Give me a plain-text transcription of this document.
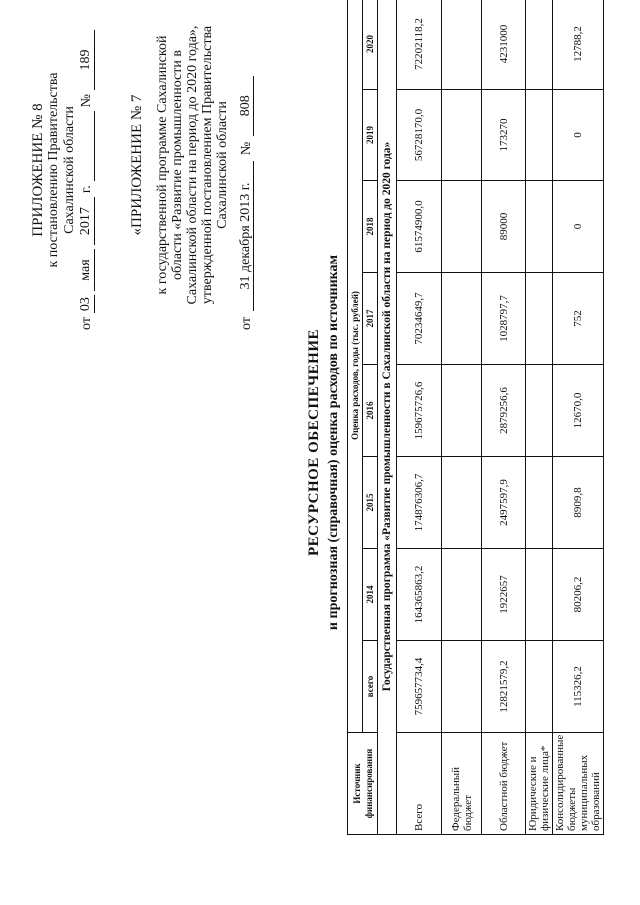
ПРИЛОЖЕНИЕ № 8 к постановлению Правительства Сахалинской области
от
03
мая
2017
г.
№
189
«ПРИЛОЖЕНИЕ № 7 к государственной программе Сахалинской области «Развитие промышленности в Сахалинской области на период до 2020 года», утвержденной постановлением Правительства Сахалинской области
от
31 декабря 2013 г.
№
808
РЕСУРСНОЕ ОБЕСПЕЧЕНИЕ и прогнозная (справочная) оценка расходов по источникам
Источник финансирования	Оценка расходов, годы (тыс. рублей)							
	всего	2014	2015	2016	2017	2018	2019	2020
Государственная программа «Развитие промышленности в Сахалинской области на период до 2020 года»								
Всего	759657734,4	164365863,2	174876306,7	159675726,6	70234649,7	61574900,0	56728170,0	72202118,2
Федеральный бюджет								
Областной бюджет	12821579,2	1922657	2497597,9	2879256,6	1028797,7	89000	173270	4231000
Юридические и физические лица*								
Консолидированные бюджеты муниципальных образований	115326,2	80206,2	8909,8	12670,0	752	0	0	12788,2
